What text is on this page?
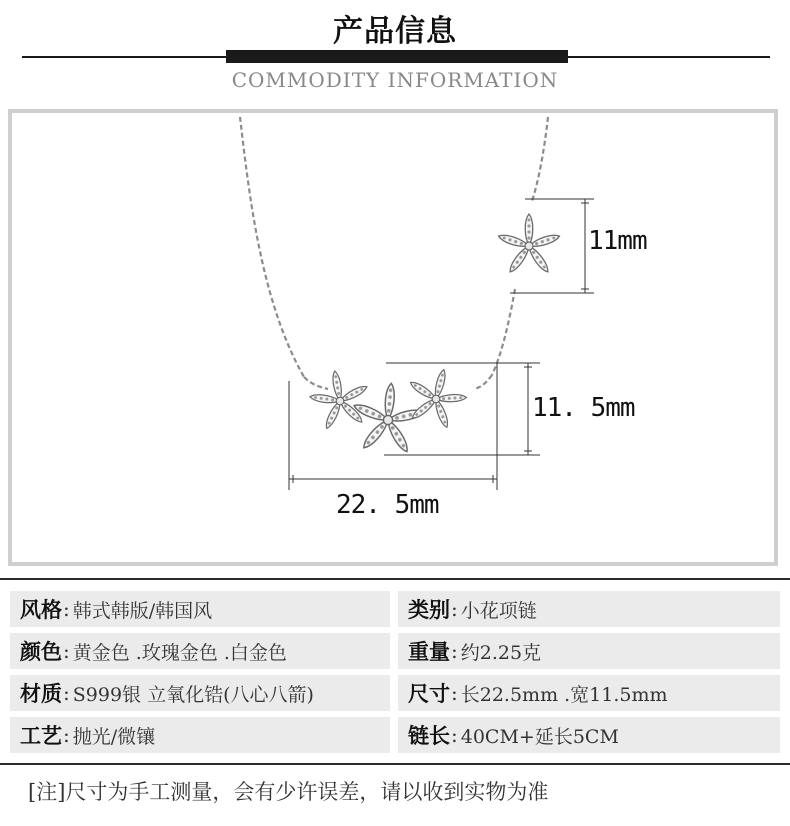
产品信息
COMMODITY INFORMATION
11mm
11. 5mm
22. 5mm
风格 : 韩式韩版/韩国风	类别 : 小花项链
颜色 : 黄金色 .玫瑰金色 .白金色	重量 : 约2.25克
材质 : S999银 立氧化锆(八心八箭)	尺寸 : 长22.5mm .宽11.5mm
工艺 : 抛光/微镶	链长 : 40CM+延长5CM
[注]尺寸为手工测量，会有少许误差，请以收到实物为准
